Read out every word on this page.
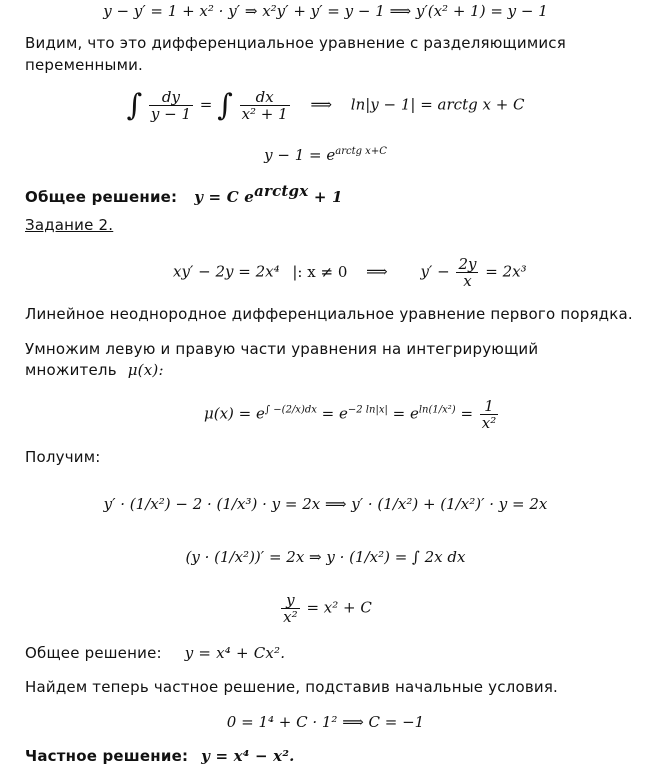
y − y′ = 1 + x² · y′ ⇒ x²y′ + y′ = y − 1 ⟹ y′(x² + 1) = y − 1
Видим, что это дифференциальное уравнение с разделяющимися
переменными.
∫ $\frac{dy}{y - 1}$ = ∫ $\frac{dx}{\text{x² + 1}}$ ⟹ ln|y − 1| = arctg x + C
$y - 1 = e^{arctg x+C}$
Общее решение: y = C $e^{arctgx} + 1$
Задание 2.
xy′ − 2y = 2x⁴ |: x ≠ 0 ⟹ $y' - \frac{2y}{x} = 2x^3$
Линейное неоднородное дифференциальное уравнение первого порядка.
Умножим левую и правую части уравнения на интегрирующий
множитель μ(x):
$\mu(x) = e^{\int -(2/x)dx} = e^{-2 ln|x|} = e^{ln(1/x^2)} = \frac{1}{\text{x²}}$
Получим:
y′ · (1/x²) − 2 · (1/x³) · y = 2x ⟹ y′ · (1/x²) + (1/x²)′ · y = 2x
(y · (1/x²))′ = 2x ⇒ y · (1/x²) = ∫ 2x dx
$\frac{y}{\text{x²}} = x^2 + C$
Общее решение: y = x⁴ + Cx².
Найдем теперь частное решение, подставив начальные условия.
0 = 1⁴ + C · 1² ⟹ C = −1
Частное решение: y = x⁴ − x².
